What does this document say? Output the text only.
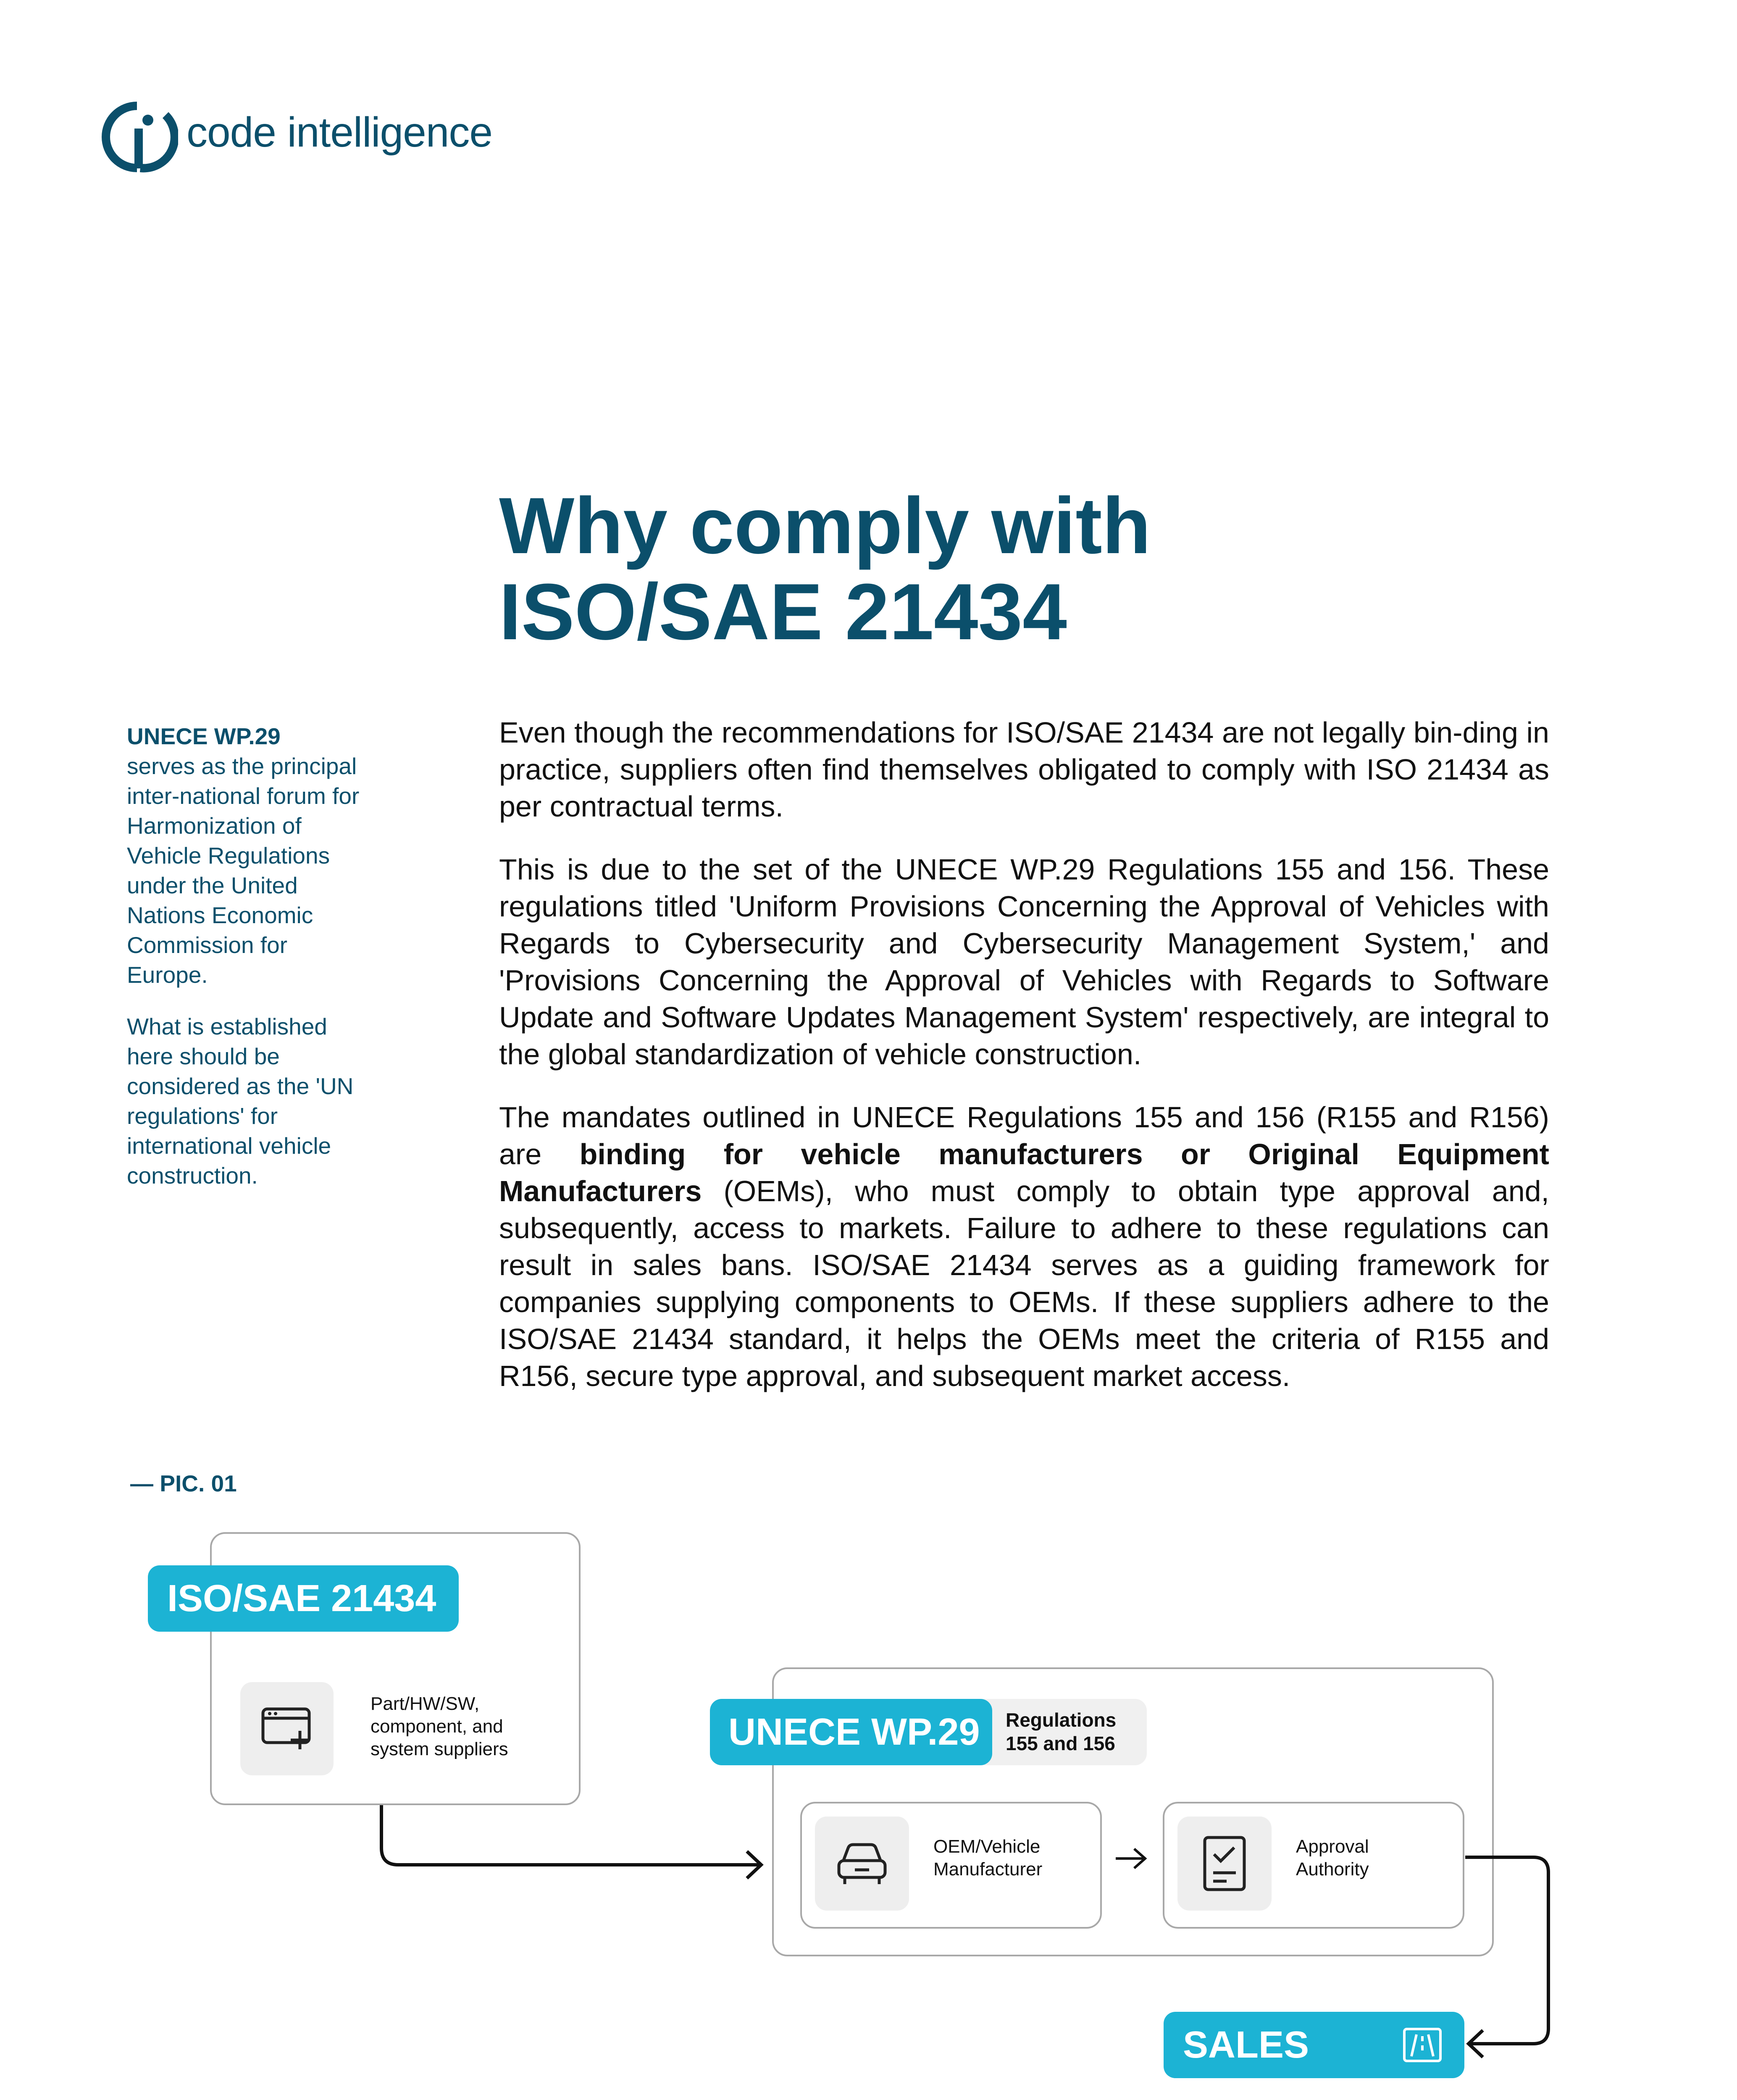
code intelligence
Why comply with
ISO/SAE 21434

UNECE WP.29
serves as the principal inter-national forum for Harmonization of Vehicle Regulations under the United Nations Economic Commission for Europe.

What is established here should be considered as the 'UN regulations' for international vehicle construction.

Even though the recommendations for ISO/SAE 21434 are not legally bin-ding in practice, suppliers often find themselves obligated to comply with ISO 21434 as per contractual terms.

This is due to the set of the UNECE WP.29 Regulations 155 and 156. These regulations titled 'Uniform Provisions Concerning the Approval of Vehicles with Regards to Cybersecurity and Cybersecurity Management System,' and 'Provisions Concerning the Approval of Vehicles with Regards to Software Update and Software Updates Management System' respectively, are integral to the global standardization of vehicle construction.

The mandates outlined in UNECE Regulations 155 and 156 (R155 and R156) are binding for vehicle manufacturers or Original Equipment Manufacturers (OEMs), who must comply to obtain type approval and, subsequently, access to markets. Failure to adhere to these regulations can result in sales bans. ISO/SAE 21434 serves as a guiding framework for companies supplying components to OEMs. If these suppliers adhere to the ISO/SAE 21434 standard, it helps the OEMs meet the criteria of R155 and R156, secure type approval, and subsequent market access.

— PIC. 01
ISO/SAE 21434
Part/HW/SW, component, and system suppliers
Regulations 155 and 156
UNECE WP.29
OEM/Vehicle Manufacturer
Approval Authority
SALES
